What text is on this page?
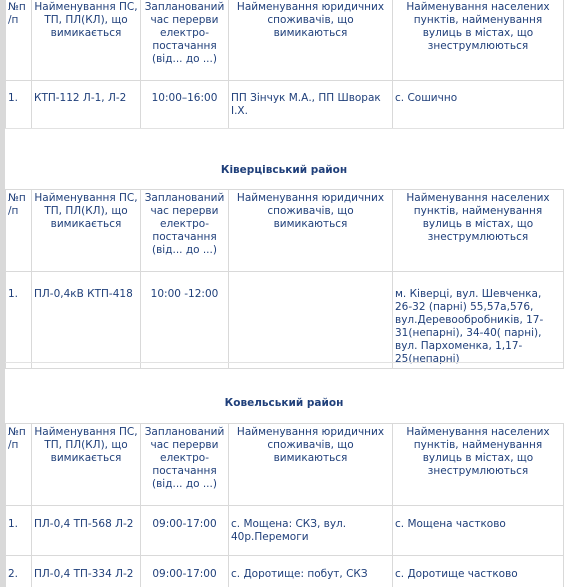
№п/п	Найменування ПС, ТП, ПЛ(КЛ), що вимикається	Запланований час перерви електро-постачання (від... до ...)	Найменування юридичних споживачів, що вимикаються	Найменування населених пунктів, найменування вулиць в містах, що знеструмлюються
1.	КТП-112 Л-1, Л-2	10:00–16:00	ПП Зінчук М.А., ПП Шворак І.Х.	с. Сошично
Ківерцівський район
№п/п	Найменування ПС, ТП, ПЛ(КЛ), що вимикається	Запланований час перерви електро-постачання (від... до ...)	Найменування юридичних споживачів, що вимикаються	Найменування населених пунктів, найменування вулиць в містах, що знеструмлюються
1.	ПЛ-0,4кВ КТП-418	10:00 -12:00		м. Ківерці, вул. Шевченка, 26-32 (парні) 55,57а,576, вул.Деревообробників, 17-31(непарні), 34-40( парні), вул. Пархоменка, 1,17-25(непарні)
Ковельський район
№п/п	Найменування ПС, ТП, ПЛ(КЛ), що вимикається	Запланований час перерви електро-постачання (від... до ...)	Найменування юридичних споживачів, що вимикаються	Найменування населених пунктів, найменування вулиць в містах, що знеструмлюються
1.	ПЛ-0,4 ТП-568 Л-2	09:00-17:00	с. Мощена: СКЗ, вул. 40р.Перемоги	с. Мощена частково
2.	ПЛ-0,4 ТП-334 Л-2	09:00-17:00	с. Доротище: побут, СКЗ	с. Доротище частково
